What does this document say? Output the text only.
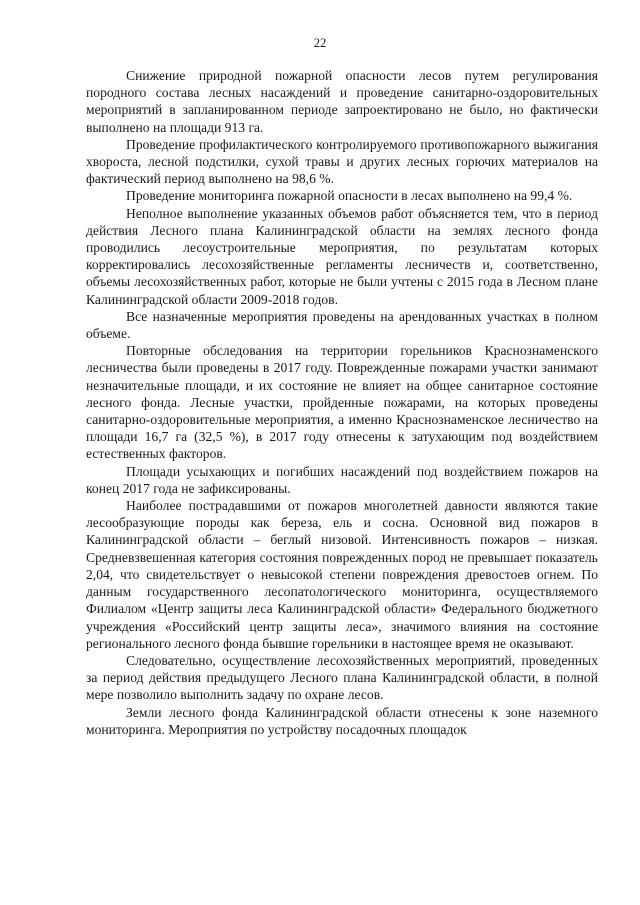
22

Снижение природной пожарной опасности лесов путем регулирования породного состава лесных насаждений и проведение санитарно-оздоровительных мероприятий в запланированном периоде запроектировано не было, но фактически выполнено на площади 913 га.

Проведение профилактического контролируемого противопожарного выжигания хвороста, лесной подстилки, сухой травы и других лесных горючих материалов на фактический период выполнено на 98,6 %.

Проведение мониторинга пожарной опасности в лесах выполнено на 99,4 %.

Неполное выполнение указанных объемов работ объясняется тем, что в период действия Лесного плана Калининградской области на землях лесного фонда проводились лесоустроительные мероприятия, по результатам которых корректировались лесохозяйственные регламенты лесничеств и, соответственно, объемы лесохозяйственных работ, которые не были учтены с 2015 года в Лесном плане Калининградской области 2009-2018 годов.

Все назначенные мероприятия проведены на арендованных участках в полном объеме.

Повторные обследования на территории горельников Краснознаменского лесничества были проведены в 2017 году. Поврежденные пожарами участки занимают незначительные площади, и их состояние не влияет на общее санитарное состояние лесного фонда. Лесные участки, пройденные пожарами, на которых проведены санитарно-оздоровительные мероприятия, а именно Краснознаменское лесничество на площади 16,7 га (32,5 %), в 2017 году отнесены к затухающим под воздействием естественных факторов.

Площади усыхающих и погибших насаждений под воздействием пожаров на конец 2017 года не зафиксированы.

Наиболее пострадавшими от пожаров многолетней давности являются такие лесообразующие породы как береза, ель и сосна. Основной вид пожаров в Калининградской области – беглый низовой. Интенсивность пожаров – низкая. Средневзвешенная категория состояния поврежденных пород не превышает показатель 2,04, что свидетельствует о невысокой степени повреждения древостоев огнем. По данным государственного лесопатологического мониторинга, осуществляемого Филиалом «Центр защиты леса Калининградской области» Федерального бюджетного учреждения «Российский центр защиты леса», значимого влияния на состояние регионального лесного фонда бывшие горельники в настоящее время не оказывают.

Следовательно, осуществление лесохозяйственных мероприятий, проведенных за период действия предыдущего Лесного плана Калининградской области, в полной мере позволило выполнить задачу по охране лесов.

Земли лесного фонда Калининградской области отнесены к зоне наземного мониторинга. Мероприятия по устройству посадочных площадок
